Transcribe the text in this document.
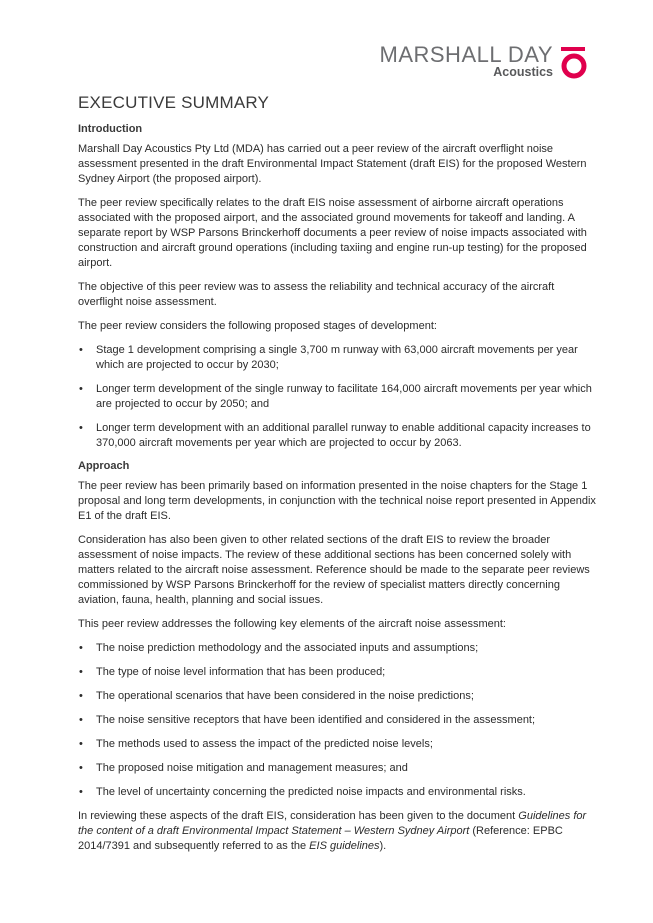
MARSHALL DAY
Acoustics
EXECUTIVE SUMMARY
Introduction

Marshall Day Acoustics Pty Ltd (MDA) has carried out a peer review of the aircraft overflight noise assessment presented in the draft Environmental Impact Statement (draft EIS) for the proposed Western Sydney Airport (the proposed airport).

The peer review specifically relates to the draft EIS noise assessment of airborne aircraft operations associated with the proposed airport, and the associated ground movements for takeoff and landing. A separate report by WSP Parsons Brinckerhoff documents a peer review of noise impacts associated with construction and aircraft ground operations (including taxiing and engine run-up testing) for the proposed airport.

The objective of this peer review was to assess the reliability and technical accuracy of the aircraft overflight noise assessment.

The peer review considers the following proposed stages of development:

• Stage 1 development comprising a single 3,700 m runway with 63,000 aircraft movements per year which are projected to occur by 2030;
• Longer term development of the single runway to facilitate 164,000 aircraft movements per year which are projected to occur by 2050; and
• Longer term development with an additional parallel runway to enable additional capacity increases to 370,000 aircraft movements per year which are projected to occur by 2063.
Approach

The peer review has been primarily based on information presented in the noise chapters for the Stage 1 proposal and long term developments, in conjunction with the technical noise report presented in Appendix E1 of the draft EIS.

Consideration has also been given to other related sections of the draft EIS to review the broader assessment of noise impacts. The review of these additional sections has been concerned solely with matters related to the aircraft noise assessment. Reference should be made to the separate peer reviews commissioned by WSP Parsons Brinckerhoff for the review of specialist matters directly concerning aviation, fauna, health, planning and social issues.

This peer review addresses the following key elements of the aircraft noise assessment:

• The noise prediction methodology and the associated inputs and assumptions;
• The type of noise level information that has been produced;
• The operational scenarios that have been considered in the noise predictions;
• The noise sensitive receptors that have been identified and considered in the assessment;
• The methods used to assess the impact of the predicted noise levels;
• The proposed noise mitigation and management measures; and
• The level of uncertainty concerning the predicted noise impacts and environmental risks.

In reviewing these aspects of the draft EIS, consideration has been given to the document Guidelines for the content of a draft Environmental Impact Statement – Western Sydney Airport (Reference: EPBC 2014/7391 and subsequently referred to as the EIS guidelines).
